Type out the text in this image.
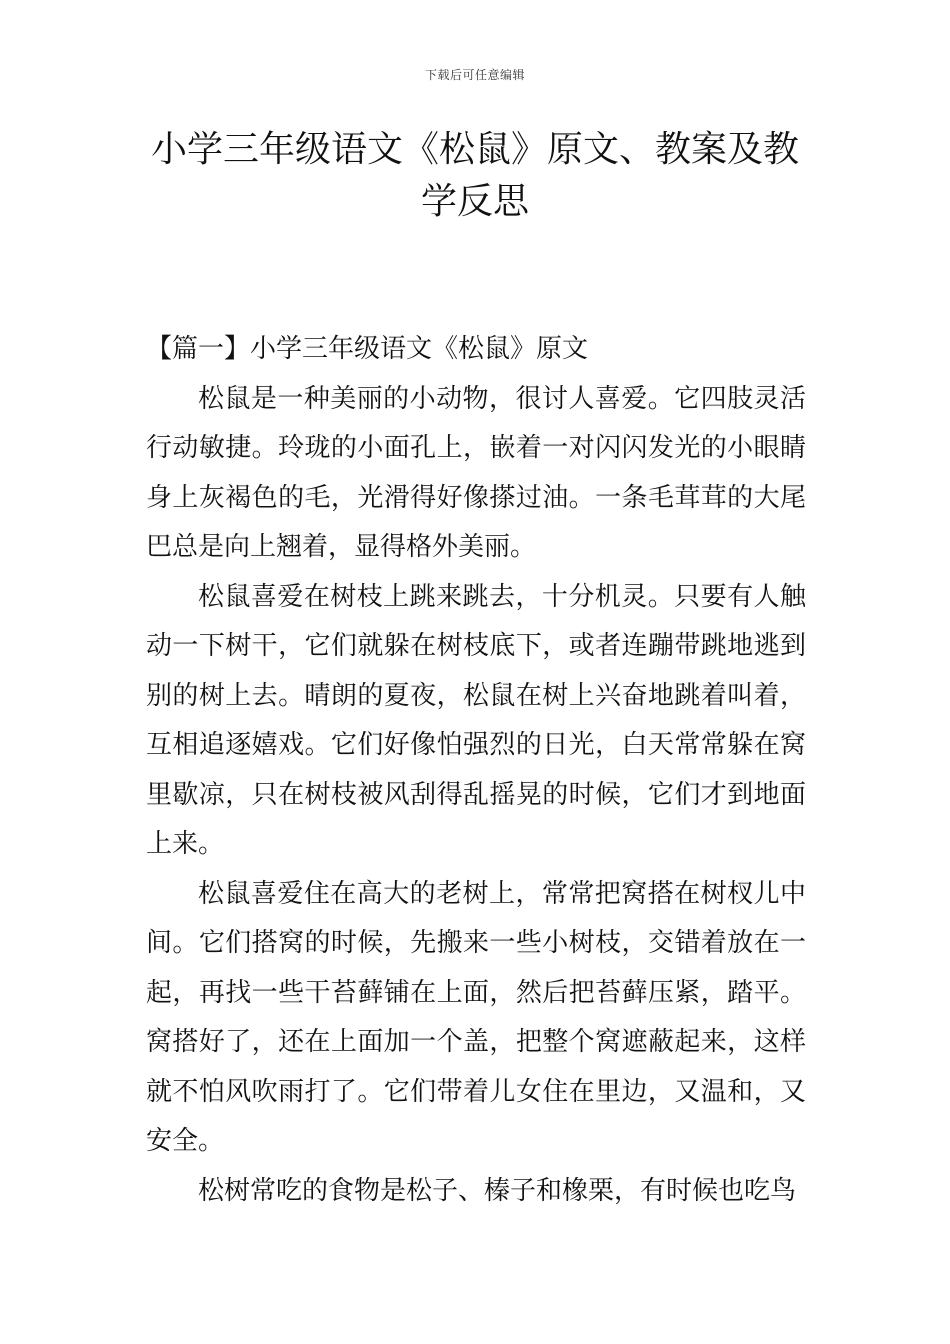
下载后可任意编辑
小学三年级语文《松鼠》原文、教案及教学反思

【篇一】小学三年级语文《松鼠》原文

松鼠是一种美丽的小动物，很讨人喜爱。它四肢灵活行动敏捷。玲珑的小面孔上，嵌着一对闪闪发光的小眼睛身上灰褐色的毛，光滑得好像搽过油。一条毛茸茸的大尾巴总是向上翘着，显得格外美丽。

松鼠喜爱在树枝上跳来跳去，十分机灵。只要有人触动一下树干，它们就躲在树枝底下，或者连蹦带跳地逃到别的树上去。晴朗的夏夜，松鼠在树上兴奋地跳着叫着，互相追逐嬉戏。它们好像怕强烈的日光，白天常常躲在窝里歇凉，只在树枝被风刮得乱摇晃的时候，它们才到地面上来。

松鼠喜爱住在高大的老树上，常常把窝搭在树杈儿中间。它们搭窝的时候，先搬来一些小树枝，交错着放在一起，再找一些干苔藓铺在上面，然后把苔藓压紧，踏平。窝搭好了，还在上面加一个盖，把整个窝遮蔽起来，这样就不怕风吹雨打了。它们带着儿女住在里边，又温和，又安全。

松树常吃的食物是松子、榛子和橡栗，有时候也吃鸟
